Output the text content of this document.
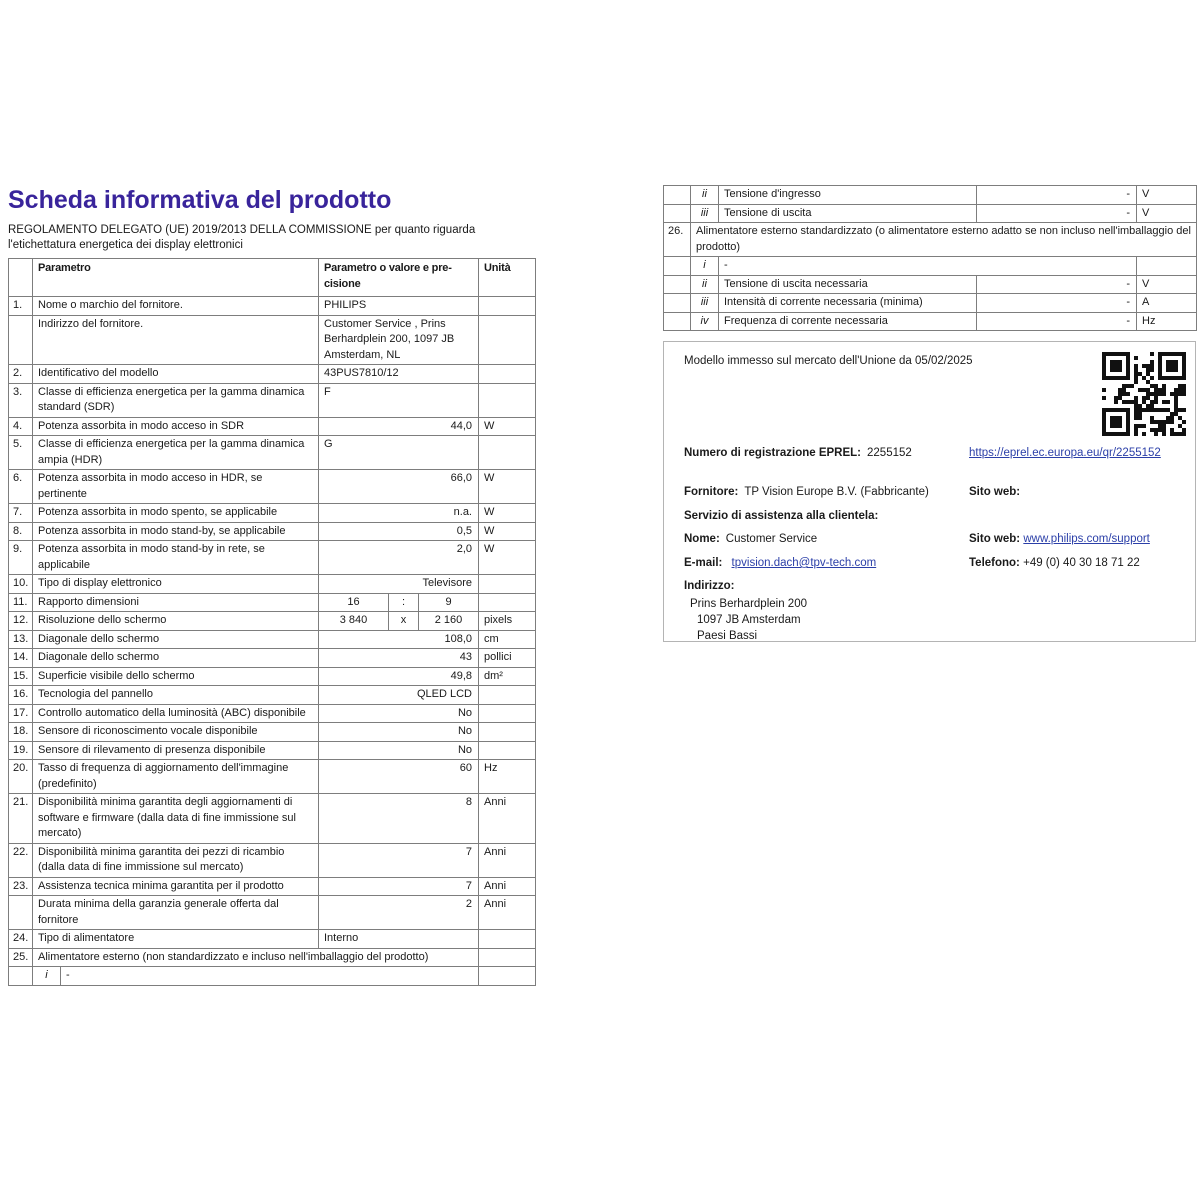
Scheda informativa del prodotto

REGOLAMENTO DELEGATO (UE) 2019/2013 DELLA COMMISSIONE per quanto riguarda l'etichettatura energetica dei display elettronici

	Parametro		Parametro o valore e pre-cisione			Unità
1.	Nome o marchio del fornitore.		PHILIPS			
	Indirizzo del fornitore.		Customer Service , Prins Berhardplein 200, 1097 JB Amsterdam, NL			
2.	Identificativo del modello		43PUS7810/12			
3.	Classe di efficienza energetica per la gamma dinamica standard (SDR)		F			
4.	Potenza assorbita in modo acceso in SDR		44,0			W
5.	Classe di efficienza energetica per la gamma dinamica ampia (HDR)		G			
6.	Potenza assorbita in modo acceso in HDR, se pertinente		66,0			W
7.	Potenza assorbita in modo spento, se applicabile		n.a.			W
8.	Potenza assorbita in modo stand-by, se applicabile		0,5			W
9.	Potenza assorbita in modo stand-by in rete, se applicabile		2,0			W
10.	Tipo di display elettronico		Televisore			
11.	Rapporto dimensioni		16	:	9	
12.	Risoluzione dello schermo		3 840	x	2 160	pixels
13.	Diagonale dello schermo		108,0			cm
14.	Diagonale dello schermo		43			pollici
15.	Superficie visibile dello schermo		49,8			dm²
16.	Tecnologia del pannello		QLED LCD			
17.	Controllo automatico della luminosità (ABC) disponibile		No			
18.	Sensore di riconoscimento vocale disponibile		No			
19.	Sensore di rilevamento di presenza disponibile		No			
20.	Tasso di frequenza di aggiornamento dell'immagine (predefinito)		60			Hz
21.	Disponibilità minima garantita degli aggiornamenti di software e firmware (dalla data di fine immissione sul mercato)		8			Anni
22.	Disponibilità minima garantita dei pezzi di ricambio (dalla data di fine immissione sul mercato)		7			Anni
23.	Assistenza tecnica minima garantita per il prodotto		7			Anni
	Durata minima della garanzia generale offerta dal fornitore		2			Anni
24.	Tipo di alimentatore		Interno			
25.	Alimentatore esterno (non standardizzato e incluso nell'imballaggio del prodotto)					
	i	-				
	ii	Tensione d'ingresso	-	V
	iii	Tensione di uscita	-	V
26.	Alimentatore esterno standardizzato (o alimentatore esterno adatto se non incluso nell'imballaggio del prodotto)			
	i	-		
	ii	Tensione di uscita necessaria	-	V
	iii	Intensità di corrente necessaria (minima)	-	A
	iv	Frequenza di corrente necessaria	-	Hz
Modello immesso sul mercato dell'Unione da 05/02/2025
Numero di registrazione EPREL: 2255152	https://eprel.ec.europa.eu/qr/2255152
Fornitore: TP Vision Europe B.V. (Fabbricante)	Sito web:
Servizio di assistenza alla clientela:
Nome: Customer Service	Sito web: www.philips.com/support
E-mail: tpvision.dach@tpv-tech.com	Telefono: +49 (0) 40 30 18 71 22
Indirizzo:
Prins Berhardplein 200
1097 JB Amsterdam
Paesi Bassi
